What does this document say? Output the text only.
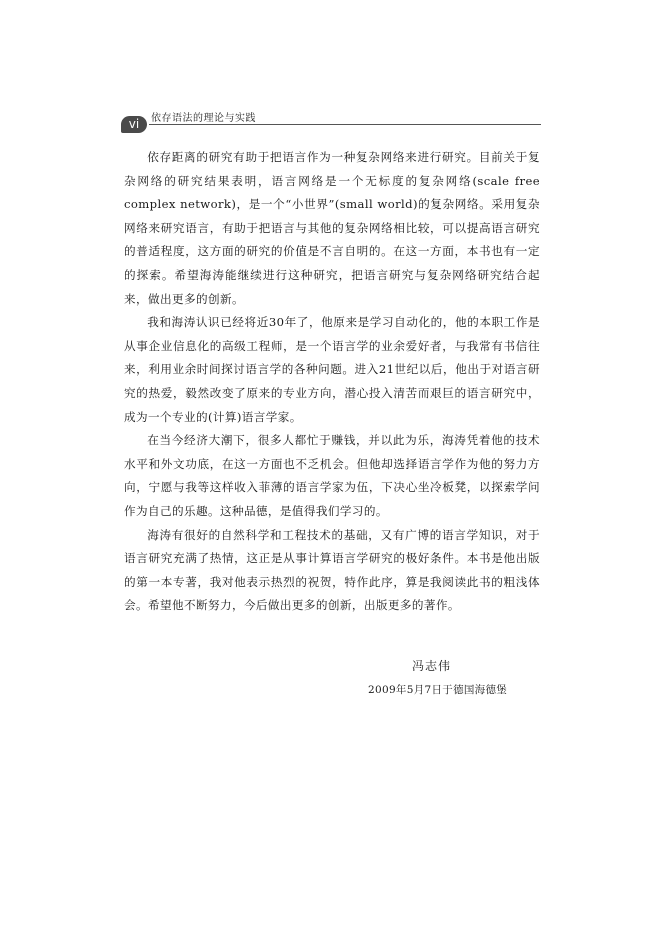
vi	依存语法的理论与实践

依存距离的研究有助于把语言作为一种复杂网络来进行研究。目前关于复杂网络的研究结果表明，语言网络是一个无标度的复杂网络(scale free complex network)，是一个“小世界”(small world)的复杂网络。采用复杂网络来研究语言，有助于把语言与其他的复杂网络相比较，可以提高语言研究的普适程度，这方面的研究的价值是不言自明的。在这一方面，本书也有一定的探索。希望海涛能继续进行这种研究，把语言研究与复杂网络研究结合起来，做出更多的创新。

我和海涛认识已经将近30年了，他原来是学习自动化的，他的本职工作是从事企业信息化的高级工程师，是一个语言学的业余爱好者，与我常有书信往来，利用业余时间探讨语言学的各种问题。进入21世纪以后，他出于对语言研究的热爱，毅然改变了原来的专业方向，潜心投入清苦而艰巨的语言研究中，成为一个专业的(计算)语言学家。

在当今经济大潮下，很多人都忙于赚钱，并以此为乐，海涛凭着他的技术水平和外文功底，在这一方面也不乏机会。但他却选择语言学作为他的努力方向，宁愿与我等这样收入菲薄的语言学家为伍，下决心坐冷板凳，以探索学问作为自己的乐趣。这种品德，是值得我们学习的。

海涛有很好的自然科学和工程技术的基础，又有广博的语言学知识，对于语言研究充满了热情，这正是从事计算语言学研究的极好条件。本书是他出版的第一本专著，我对他表示热烈的祝贺，特作此序，算是我阅读此书的粗浅体会。希望他不断努力，今后做出更多的创新，出版更多的著作。

冯志伟
2009年5月7日于德国海德堡
